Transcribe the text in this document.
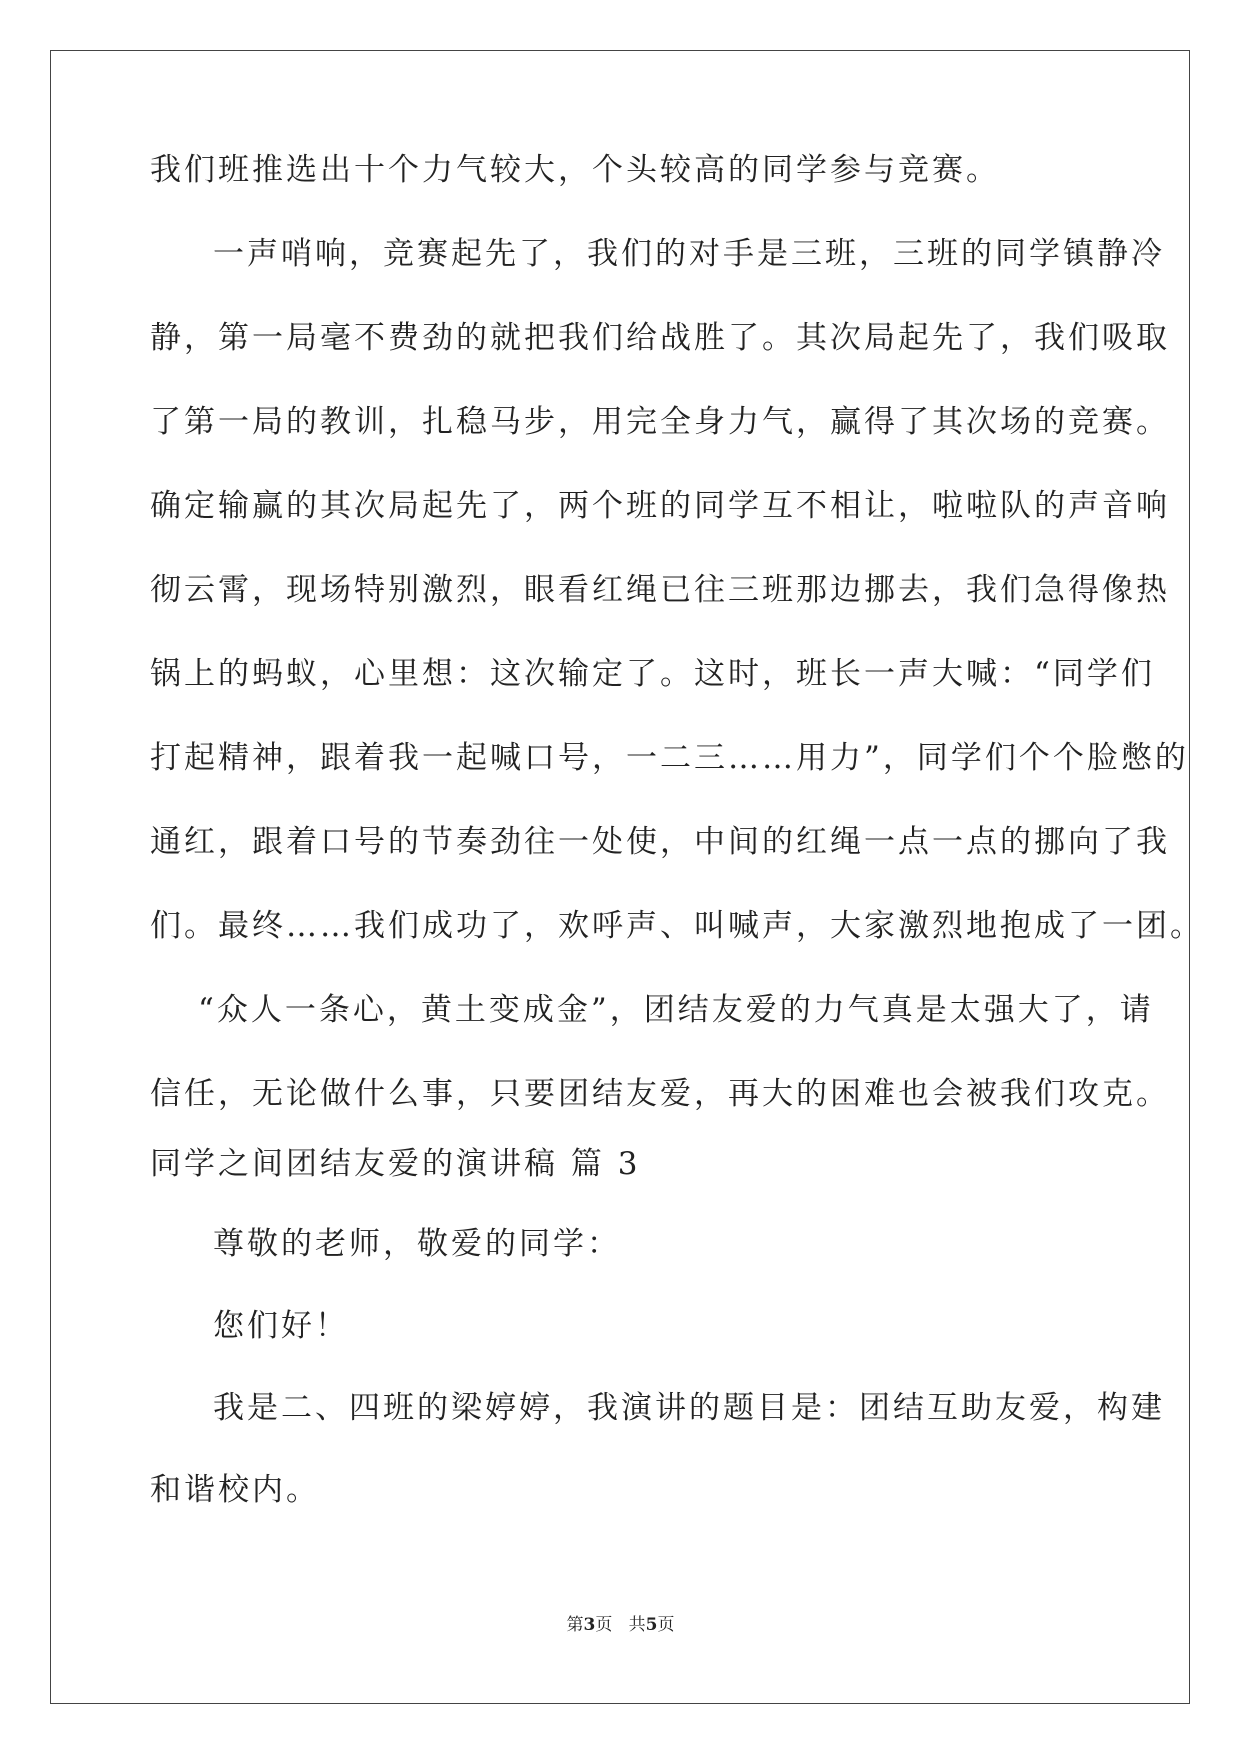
我们班推选出十个力气较大，个头较高的同学参与竞赛。

一声哨响，竞赛起先了，我们的对手是三班，三班的同学镇静冷

静，第一局毫不费劲的就把我们给战胜了。其次局起先了，我们吸取

了第一局的教训，扎稳马步，用完全身力气，赢得了其次场的竞赛。

确定输赢的其次局起先了，两个班的同学互不相让，啦啦队的声音响

彻云霄，现场特别激烈，眼看红绳已往三班那边挪去，我们急得像热

锅上的蚂蚁，心里想：这次输定了。这时，班长一声大喊：“同学们

打起精神，跟着我一起喊口号，一二三……用力”，同学们个个脸憋的

通红，跟着口号的节奏劲往一处使，中间的红绳一点一点的挪向了我

们。最终……我们成功了，欢呼声、叫喊声，大家激烈地抱成了一团。

“众人一条心，黄土变成金”，团结友爱的力气真是太强大了，请

信任，无论做什么事，只要团结友爱，再大的困难也会被我们攻克。

同学之间团结友爱的演讲稿 篇 3

尊敬的老师，敬爱的同学：

您们好！

我是二、四班的梁婷婷，我演讲的题目是：团结互助友爱，构建

和谐校内。

第3页 共5页
